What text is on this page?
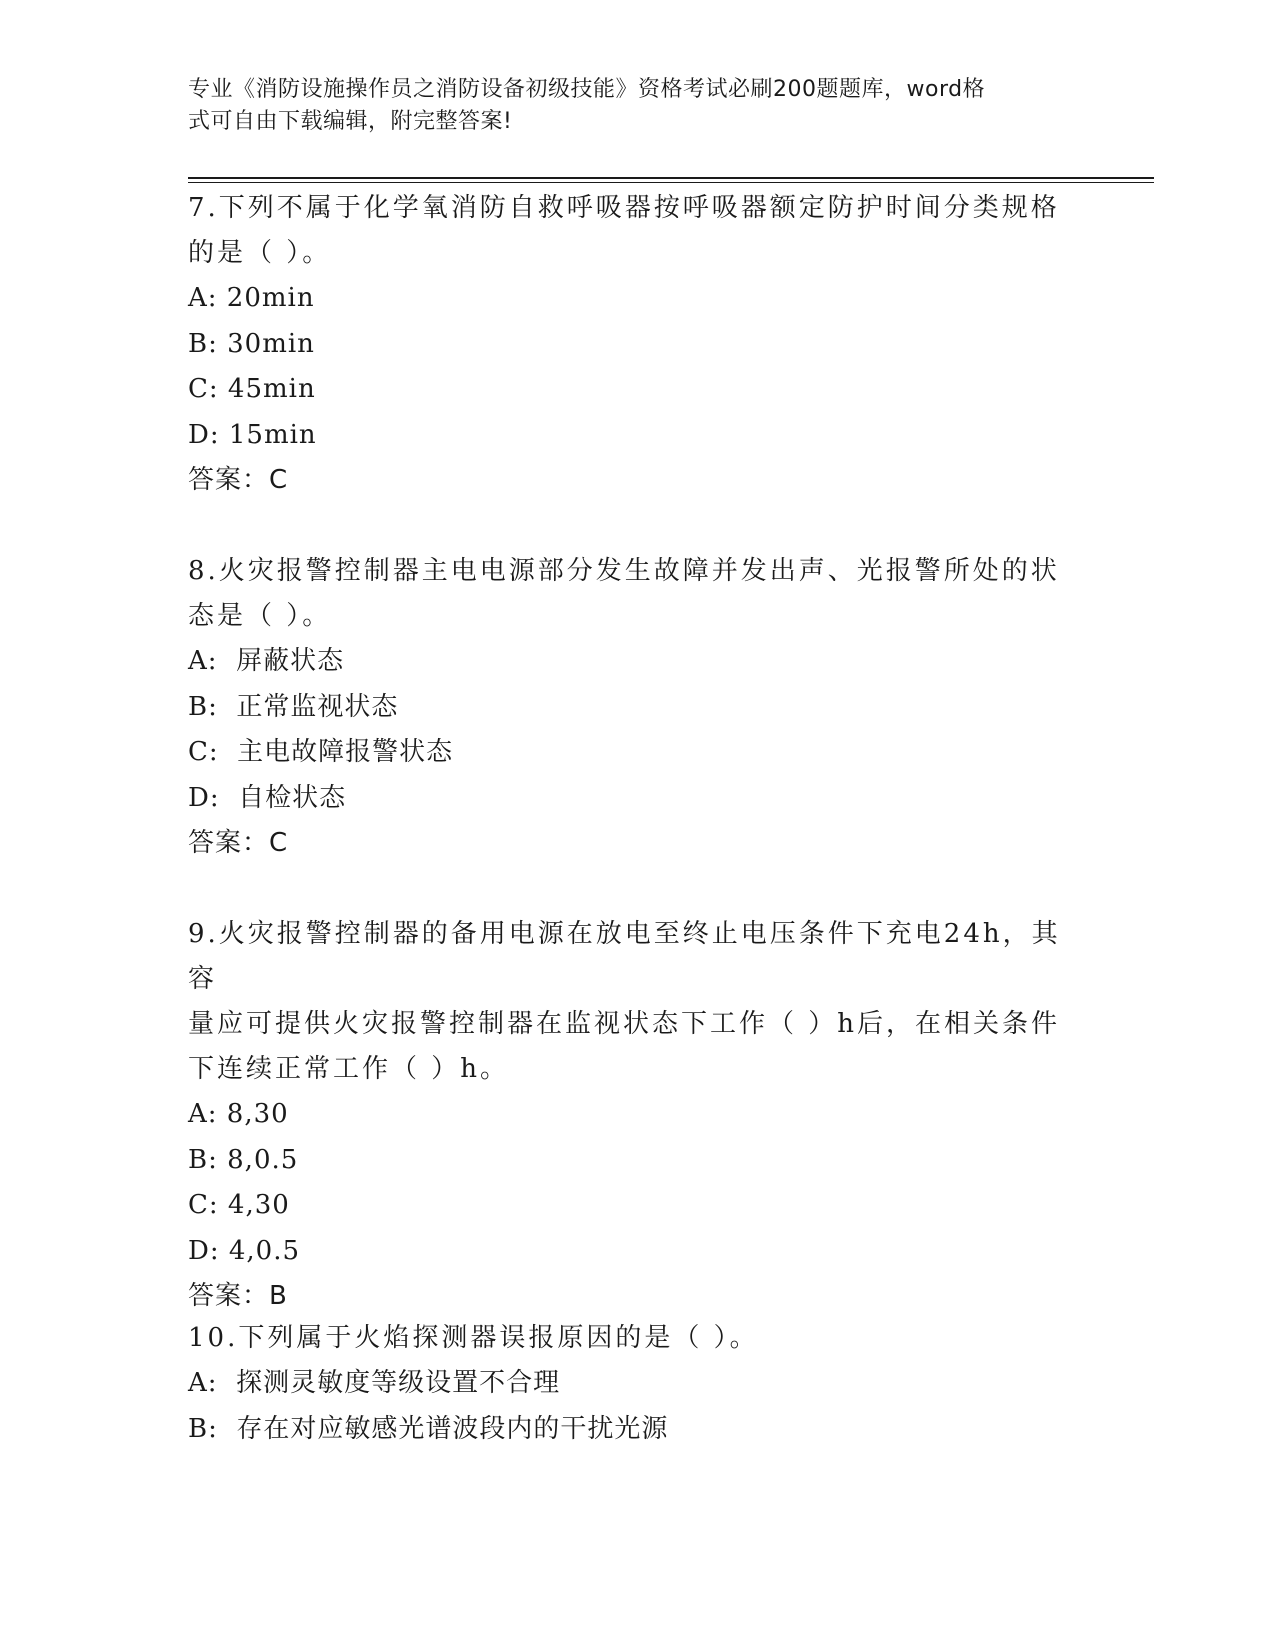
专业《消防设施操作员之消防设备初级技能》资格考试必刷200题题库，word格
式可自由下载编辑，附完整答案!
7.下列不属于化学氧消防自救呼吸器按呼吸器额定防护时间分类规格
的是（ ）。
A: 20min
B: 30min
C: 45min
D: 15min
答案：C
8.火灾报警控制器主电电源部分发生故障并发出声、光报警所处的状
态是（ ）。
A:  屏蔽状态
B:  正常监视状态
C:  主电故障报警状态
D:  自检状态
答案：C
9.火灾报警控制器的备用电源在放电至终止电压条件下充电24h，其容
量应可提供火灾报警控制器在监视状态下工作（ ）h后，在相关条件
下连续正常工作（ ）h。
A: 8,30
B: 8,0.5
C: 4,30
D: 4,0.5
答案：B
10.下列属于火焰探测器误报原因的是（ ）。
A:  探测灵敏度等级设置不合理
B:  存在对应敏感光谱波段内的干扰光源
